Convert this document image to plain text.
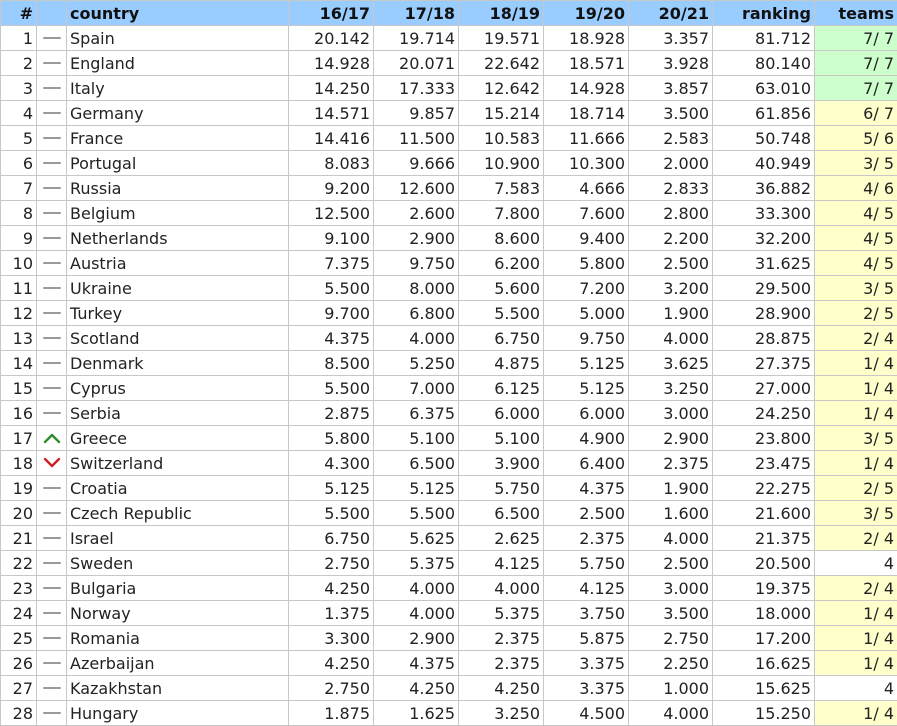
#		country	16/17	17/18	18/19	19/20	20/21	ranking	teams
1		Spain	20.142	19.714	19.571	18.928	3.357	81.712	7/ 7
2		England	14.928	20.071	22.642	18.571	3.928	80.140	7/ 7
3		Italy	14.250	17.333	12.642	14.928	3.857	63.010	7/ 7
4		Germany	14.571	9.857	15.214	18.714	3.500	61.856	6/ 7
5		France	14.416	11.500	10.583	11.666	2.583	50.748	5/ 6
6		Portugal	8.083	9.666	10.900	10.300	2.000	40.949	3/ 5
7		Russia	9.200	12.600	7.583	4.666	2.833	36.882	4/ 6
8		Belgium	12.500	2.600	7.800	7.600	2.800	33.300	4/ 5
9		Netherlands	9.100	2.900	8.600	9.400	2.200	32.200	4/ 5
10		Austria	7.375	9.750	6.200	5.800	2.500	31.625	4/ 5
11		Ukraine	5.500	8.000	5.600	7.200	3.200	29.500	3/ 5
12		Turkey	9.700	6.800	5.500	5.000	1.900	28.900	2/ 5
13		Scotland	4.375	4.000	6.750	9.750	4.000	28.875	2/ 4
14		Denmark	8.500	5.250	4.875	5.125	3.625	27.375	1/ 4
15		Cyprus	5.500	7.000	6.125	5.125	3.250	27.000	1/ 4
16		Serbia	2.875	6.375	6.000	6.000	3.000	24.250	1/ 4
17		Greece	5.800	5.100	5.100	4.900	2.900	23.800	3/ 5
18		Switzerland	4.300	6.500	3.900	6.400	2.375	23.475	1/ 4
19		Croatia	5.125	5.125	5.750	4.375	1.900	22.275	2/ 5
20		Czech Republic	5.500	5.500	6.500	2.500	1.600	21.600	3/ 5
21		Israel	6.750	5.625	2.625	2.375	4.000	21.375	2/ 4
22		Sweden	2.750	5.375	4.125	5.750	2.500	20.500	4
23		Bulgaria	4.250	4.000	4.000	4.125	3.000	19.375	2/ 4
24		Norway	1.375	4.000	5.375	3.750	3.500	18.000	1/ 4
25		Romania	3.300	2.900	2.375	5.875	2.750	17.200	1/ 4
26		Azerbaijan	4.250	4.375	2.375	3.375	2.250	16.625	1/ 4
27		Kazakhstan	2.750	4.250	4.250	3.375	1.000	15.625	4
28		Hungary	1.875	1.625	3.250	4.500	4.000	15.250	1/ 4
